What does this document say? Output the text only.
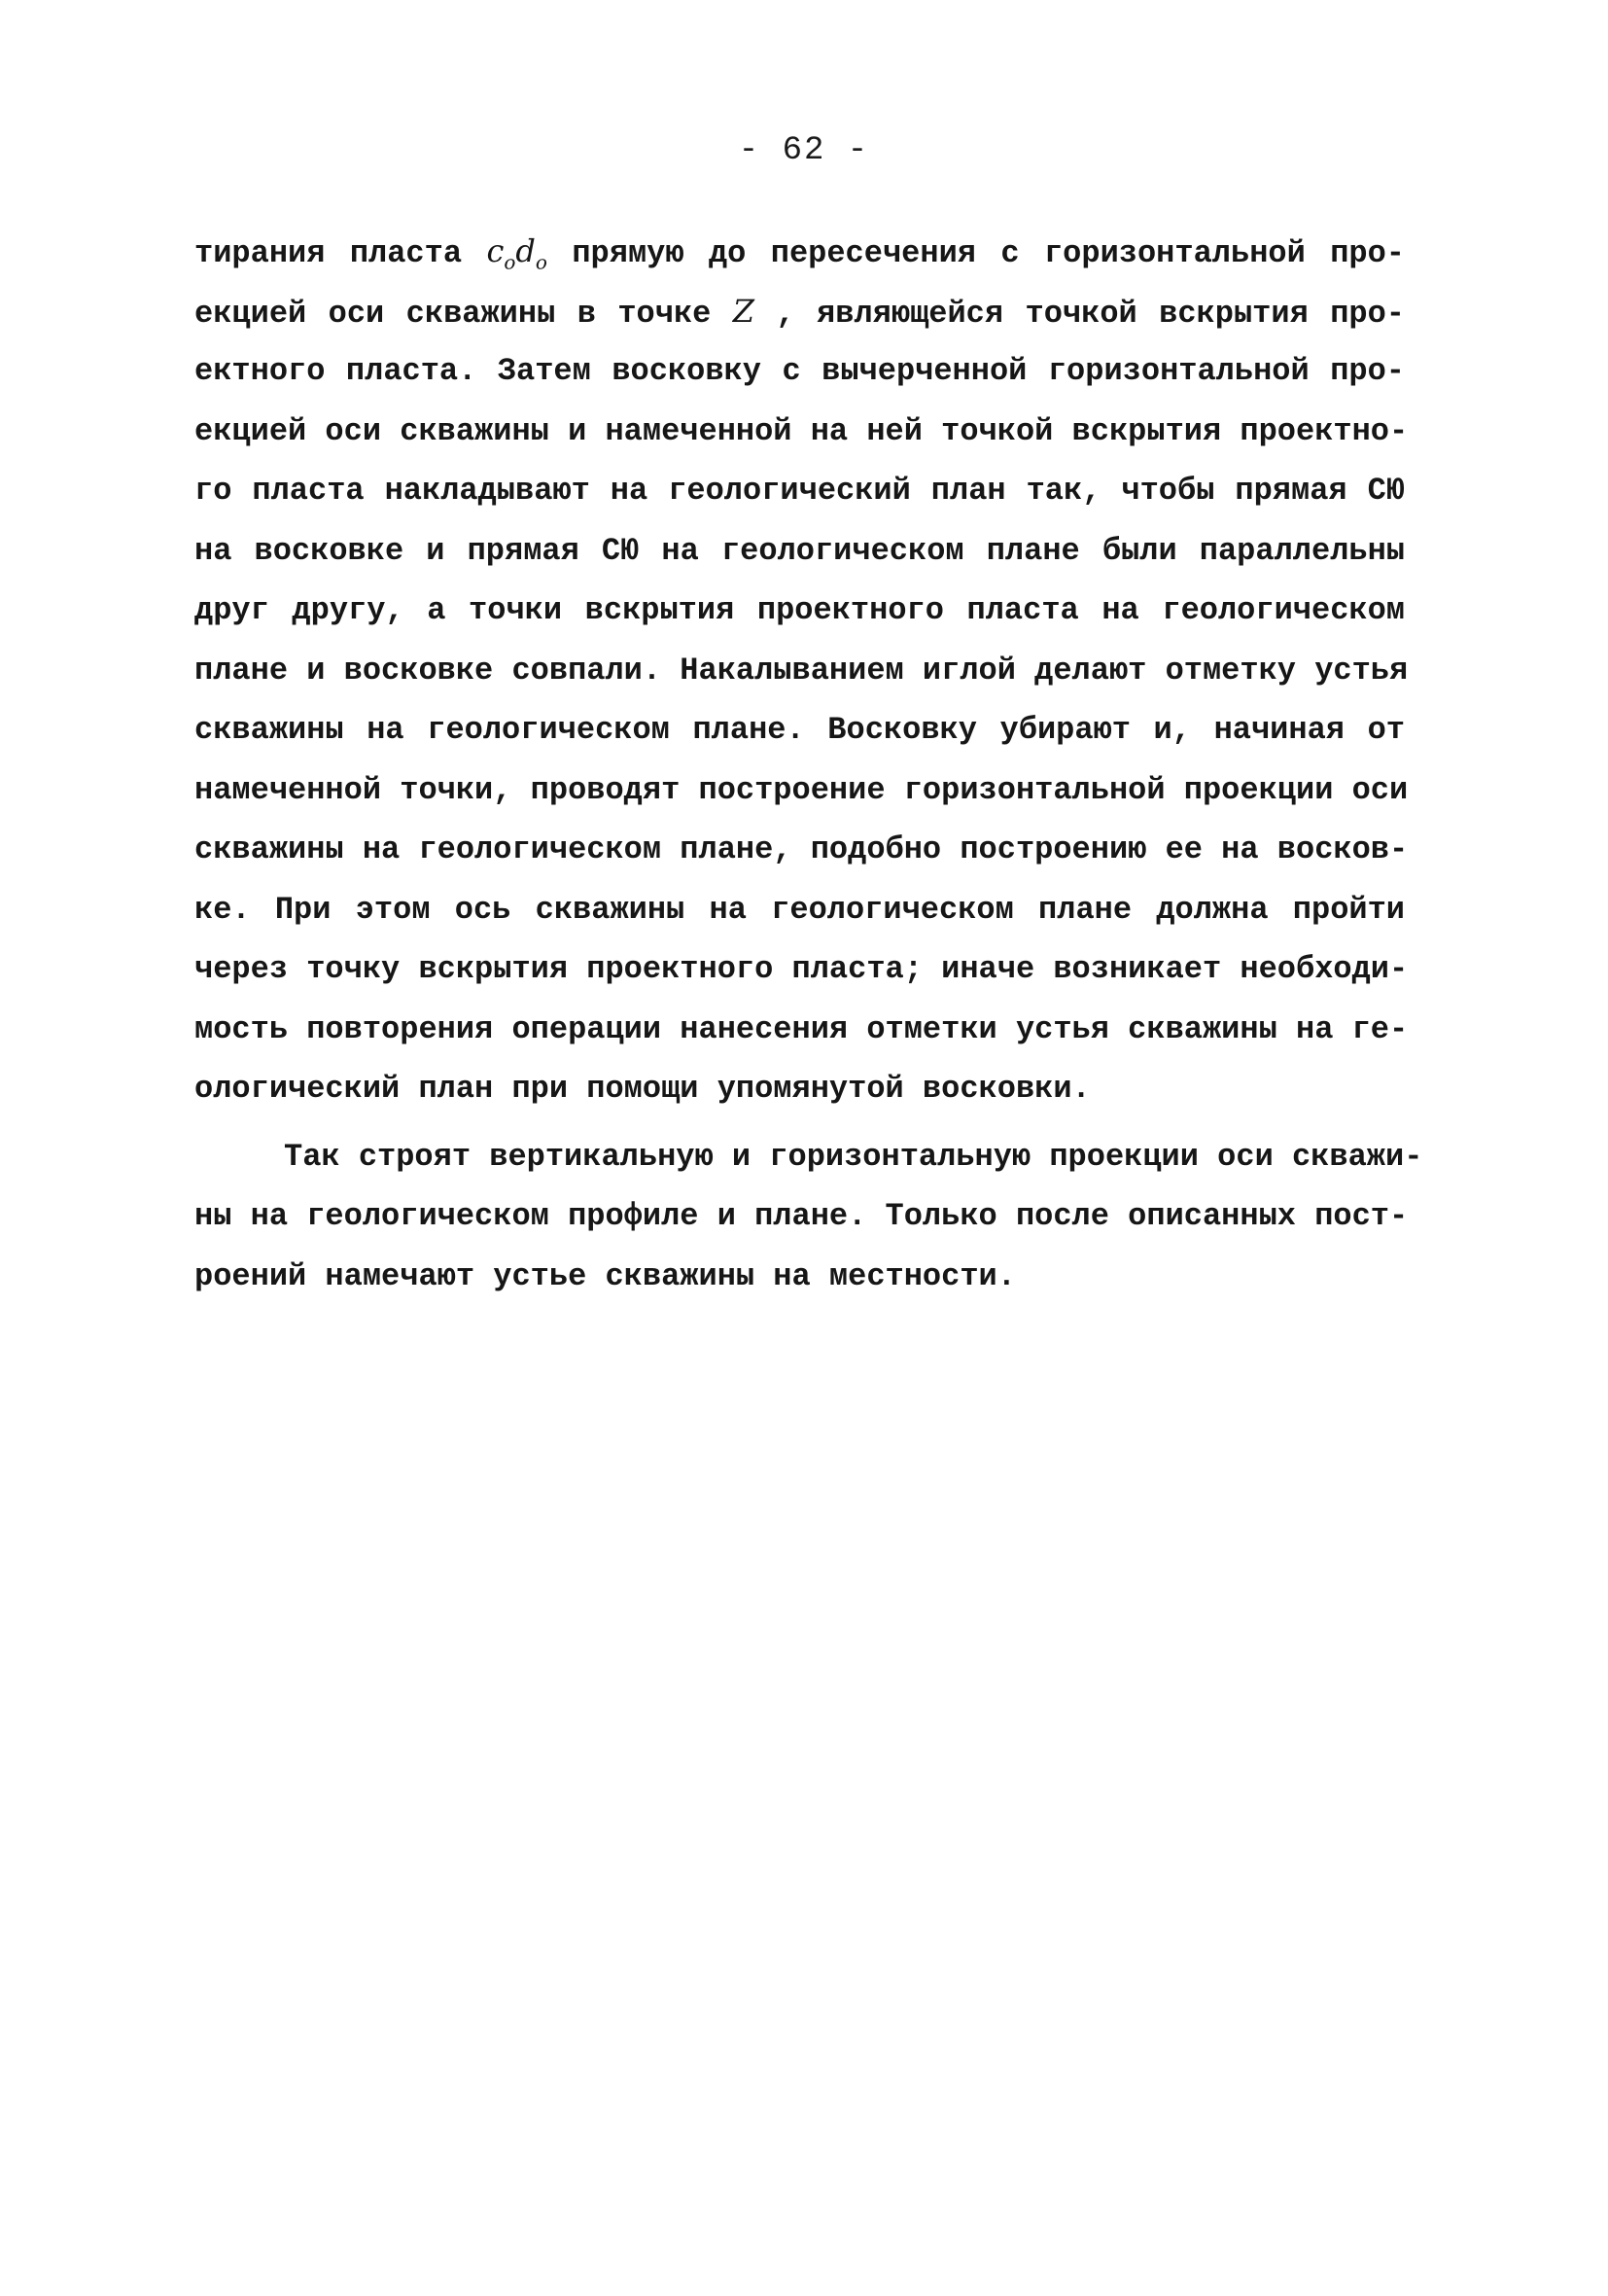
- 62 -
тирания пласта $c_od_o$ прямую до пересечения с горизонтальной про-
екцией оси скважины в точке Z , являющейся точкой вскрытия про-
ектного пласта. Затем восковку с вычерченной горизонтальной про-
екцией оси скважины и намеченной на ней точкой вскрытия проектно-
го пласта накладывают на геологический план так, чтобы прямая СЮ
на восковке и прямая СЮ на геологическом плане были параллельны
друг другу, а точки вскрытия проектного пласта на геологическом
плане и восковке совпали. Накалыванием иглой делают отметку устья
скважины на геологическом плане. Восковку убирают и, начиная от
намеченной точки, проводят построение горизонтальной проекции оси
скважины на геологическом плане, подобно построению ее на восков-
ке. При этом ось скважины на геологическом плане должна пройти
через точку вскрытия проектного пласта; иначе возникает необходи-
мость повторения операции нанесения отметки устья скважины на ге-
ологический план при помощи упомянутой восковки.
Так строят вертикальную и горизонтальную проекции оси скважи-
ны на геологическом профиле и плане. Только после описанных пост-
роений намечают устье скважины на местности.
